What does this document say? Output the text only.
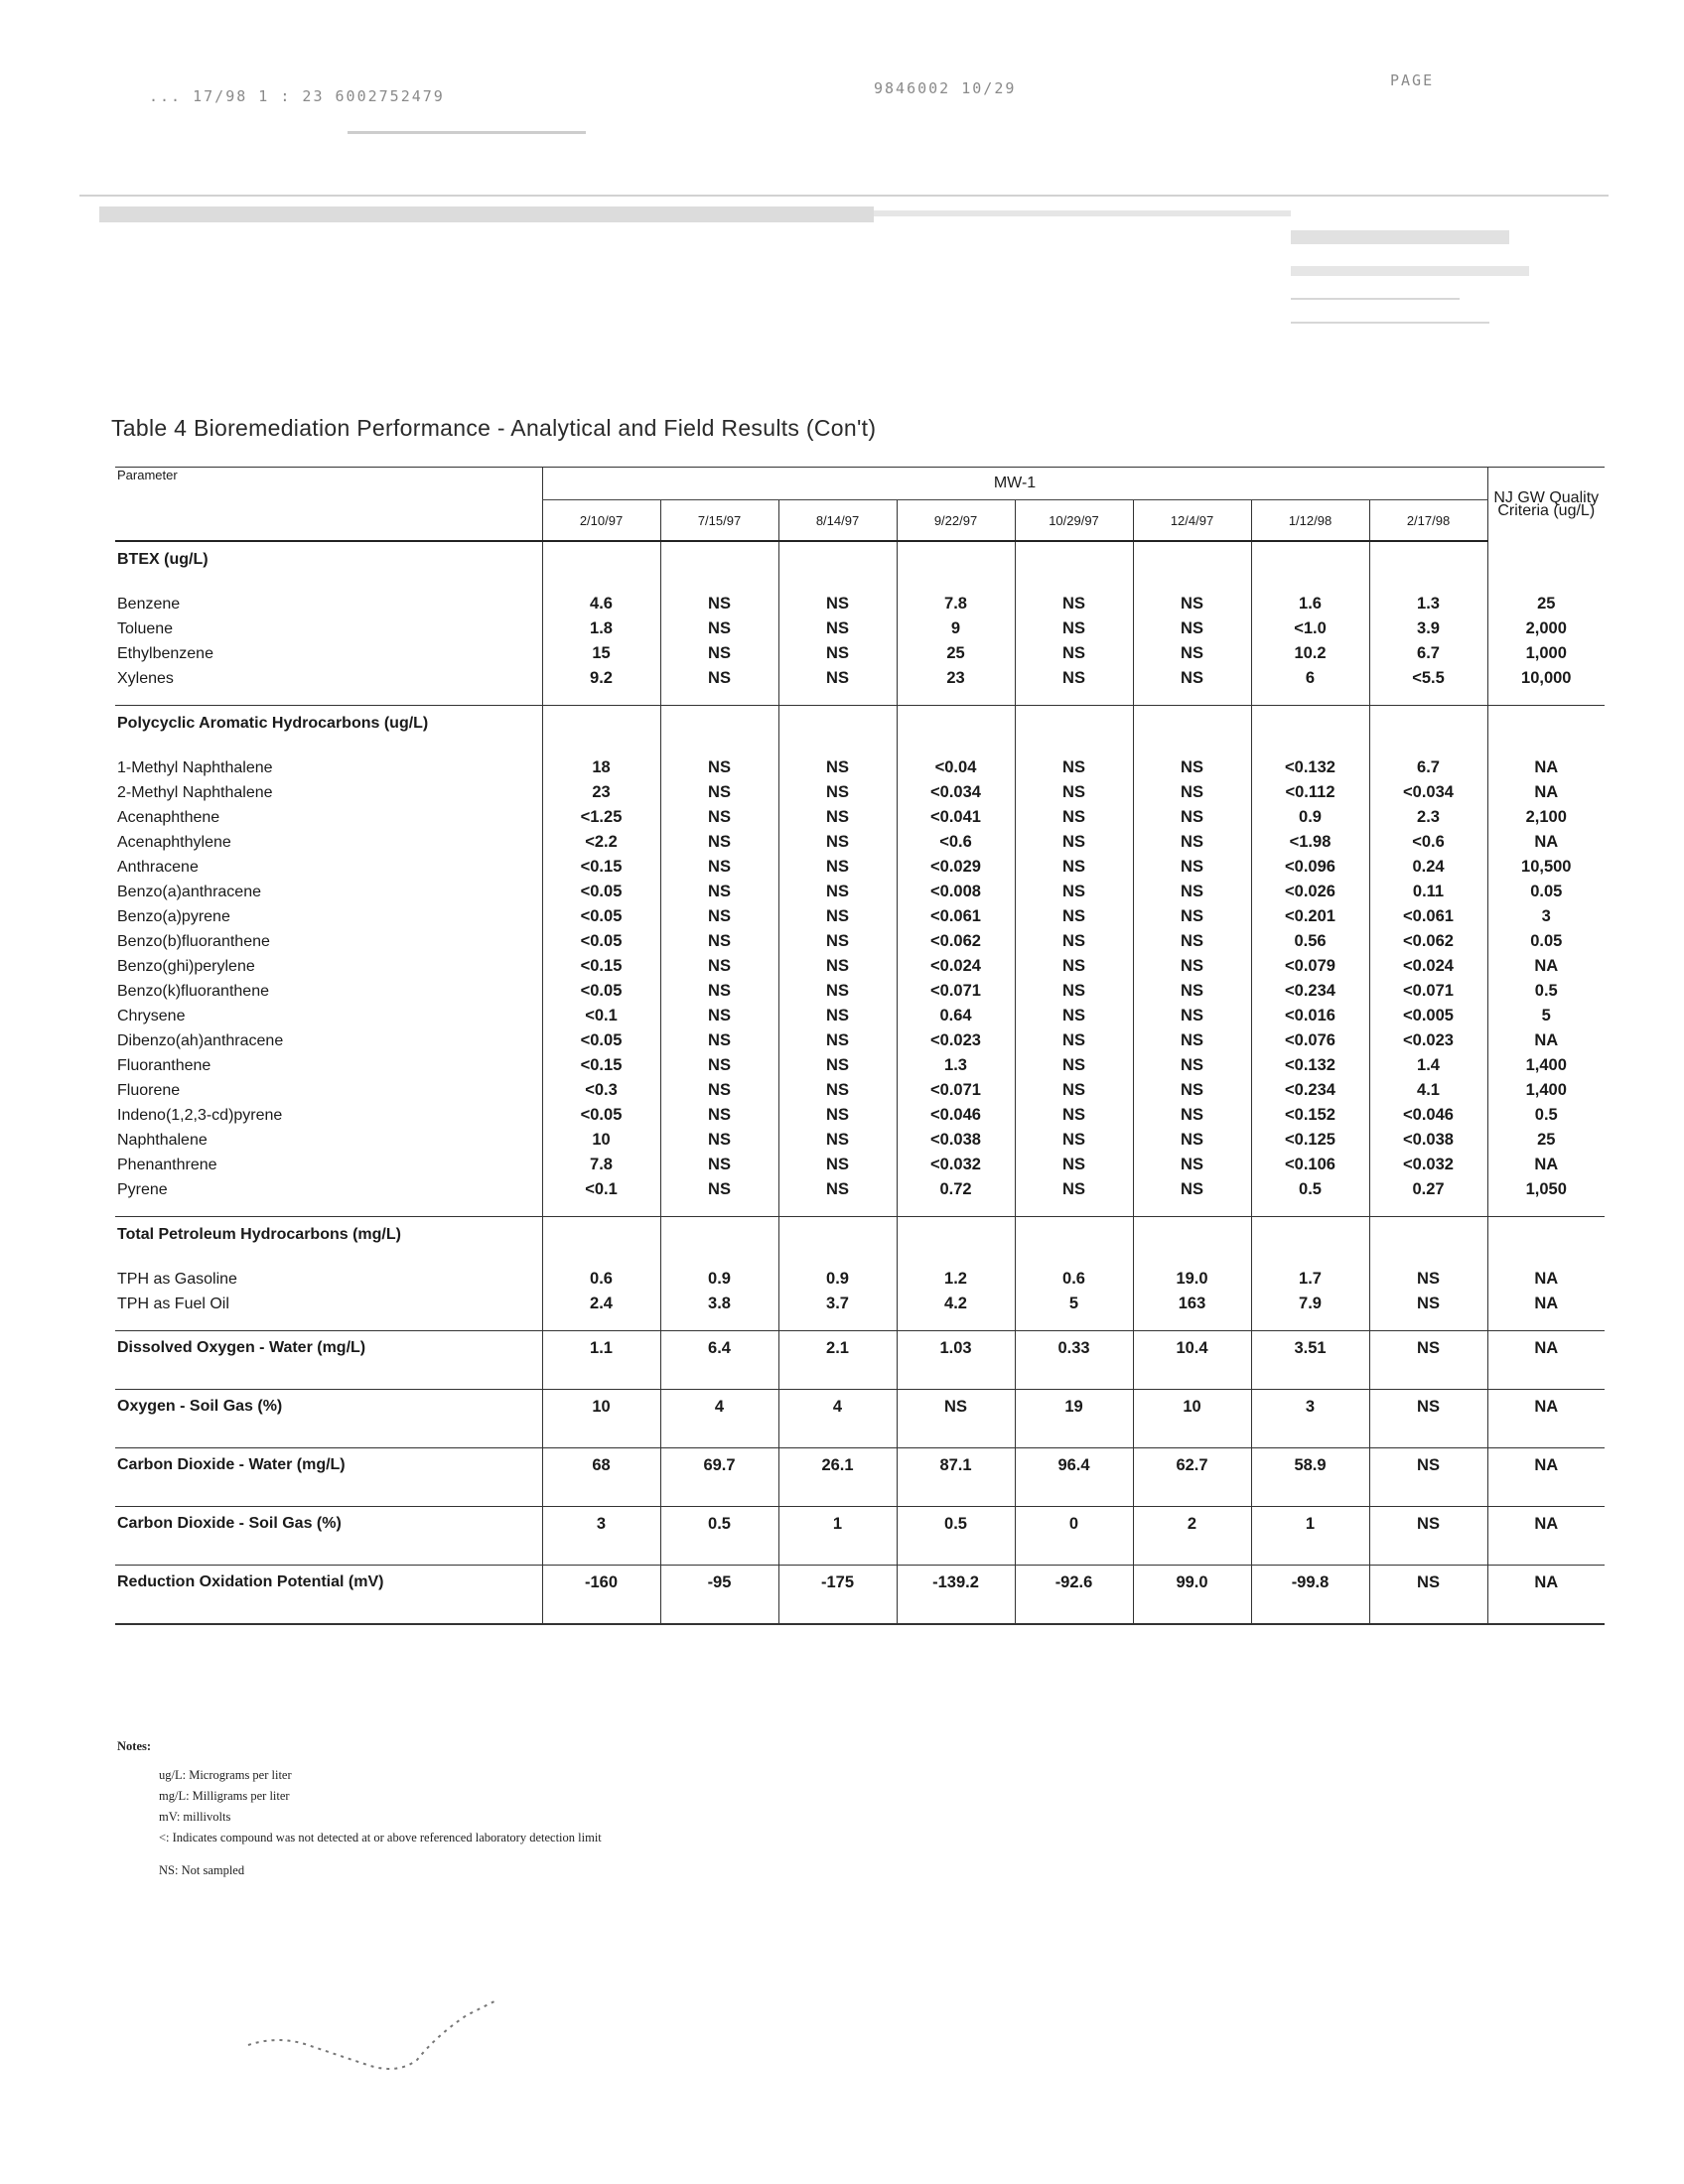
... 17/98 1 : 23 6002752479	9846002 10/29	PAGE
Table 4 Bioremediation Performance - Analytical and Field Results (Con't)
Parameter	MW-1								NJ GW Quality Criteria (ug/L)
	2/10/97	7/15/97	8/14/97	9/22/97	10/29/97	12/4/97	1/12/98	2/17/98	
BTEX (ug/L)									

Benzene	4.6	NS	NS	7.8	NS	NS	1.6	1.3	25
Toluene	1.8	NS	NS	9	NS	NS	<1.0	3.9	2,000
Ethylbenzene	15	NS	NS	25	NS	NS	10.2	6.7	1,000
Xylenes	9.2	NS	NS	23	NS	NS	6	<5.5	10,000

Polycyclic Aromatic Hydrocarbons (ug/L)									

1-Methyl Naphthalene	18	NS	NS	<0.04	NS	NS	<0.132	6.7	NA
2-Methyl Naphthalene	23	NS	NS	<0.034	NS	NS	<0.112	<0.034	NA
Acenaphthene	<1.25	NS	NS	<0.041	NS	NS	0.9	2.3	2,100
Acenaphthylene	<2.2	NS	NS	<0.6	NS	NS	<1.98	<0.6	NA
Anthracene	<0.15	NS	NS	<0.029	NS	NS	<0.096	0.24	10,500
Benzo(a)anthracene	<0.05	NS	NS	<0.008	NS	NS	<0.026	0.11	0.05
Benzo(a)pyrene	<0.05	NS	NS	<0.061	NS	NS	<0.201	<0.061	3
Benzo(b)fluoranthene	<0.05	NS	NS	<0.062	NS	NS	0.56	<0.062	0.05
Benzo(ghi)perylene	<0.15	NS	NS	<0.024	NS	NS	<0.079	<0.024	NA
Benzo(k)fluoranthene	<0.05	NS	NS	<0.071	NS	NS	<0.234	<0.071	0.5
Chrysene	<0.1	NS	NS	0.64	NS	NS	<0.016	<0.005	5
Dibenzo(ah)anthracene	<0.05	NS	NS	<0.023	NS	NS	<0.076	<0.023	NA
Fluoranthene	<0.15	NS	NS	1.3	NS	NS	<0.132	1.4	1,400
Fluorene	<0.3	NS	NS	<0.071	NS	NS	<0.234	4.1	1,400
Indeno(1,2,3-cd)pyrene	<0.05	NS	NS	<0.046	NS	NS	<0.152	<0.046	0.5
Naphthalene	10	NS	NS	<0.038	NS	NS	<0.125	<0.038	25
Phenanthrene	7.8	NS	NS	<0.032	NS	NS	<0.106	<0.032	NA
Pyrene	<0.1	NS	NS	0.72	NS	NS	0.5	0.27	1,050

Total Petroleum Hydrocarbons (mg/L)									

TPH as Gasoline	0.6	0.9	0.9	1.2	0.6	19.0	1.7	NS	NA
TPH as Fuel Oil	2.4	3.8	3.7	4.2	5	163	7.9	NS	NA

Dissolved Oxygen - Water (mg/L)	1.1	6.4	2.1	1.03	0.33	10.4	3.51	NS	NA
Oxygen - Soil Gas (%)	10	4	4	NS	19	10	3	NS	NA
Carbon Dioxide - Water (mg/L)	68	69.7	26.1	87.1	96.4	62.7	58.9	NS	NA
Carbon Dioxide - Soil Gas (%)	3	0.5	1	0.5	0	2	1	NS	NA
Reduction Oxidation Potential (mV)	-160	-95	-175	-139.2	-92.6	99.0	-99.8	NS	NA
Notes:
ug/L: Micrograms per liter
mg/L: Milligrams per liter
mV: millivolts
<: Indicates compound was not detected at or above referenced laboratory detection limit
NS: Not sampled
